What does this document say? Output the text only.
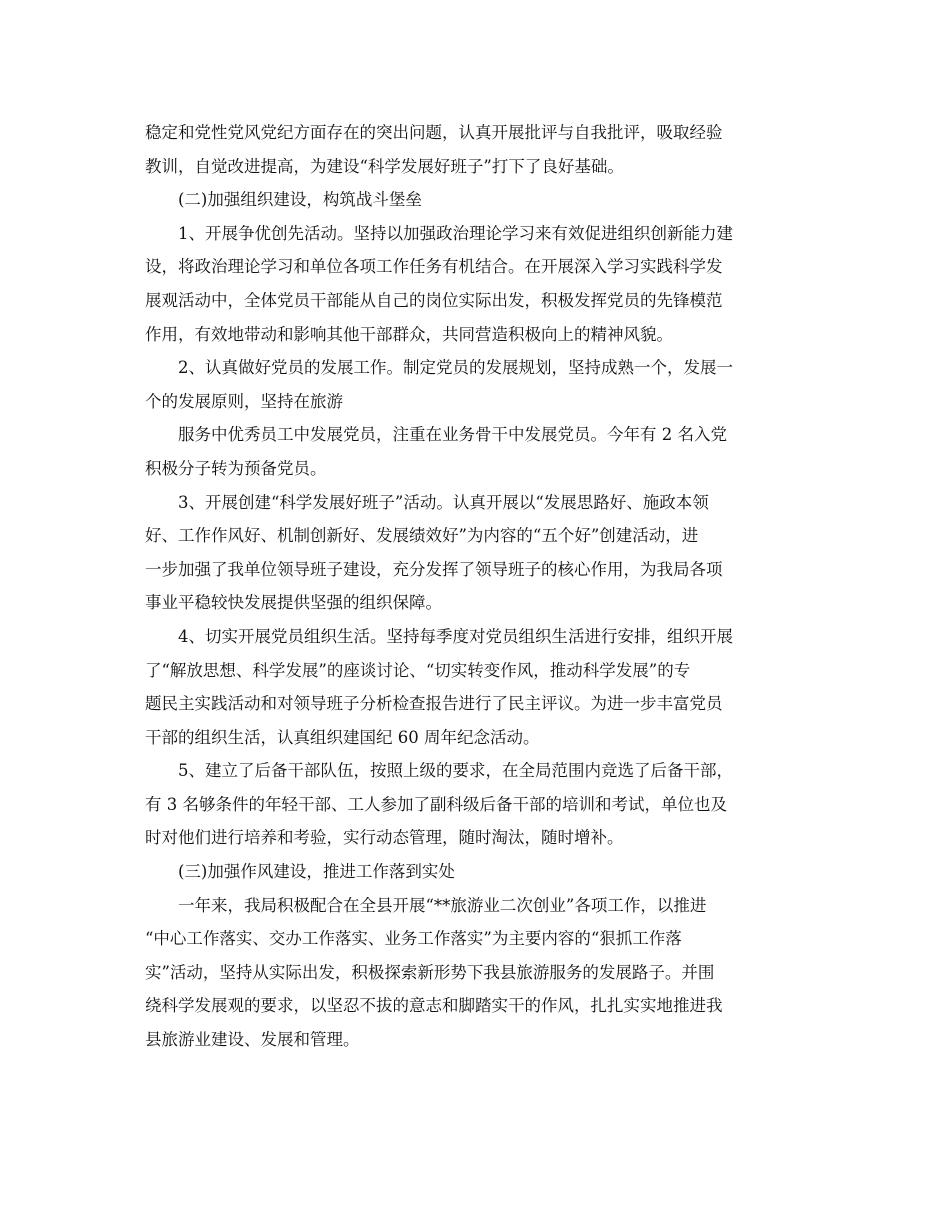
稳定和党性党风党纪方面存在的突出问题，认真开展批评与自我批评，吸取经验
教训，自觉改进提高，为建设“科学发展好班子”打下了良好基础。
(二)加强组织建设，构筑战斗堡垒
1、开展争优创先活动。坚持以加强政治理论学习来有效促进组织创新能力建
设，将政治理论学习和单位各项工作任务有机结合。在开展深入学习实践科学发
展观活动中，全体党员干部能从自己的岗位实际出发，积极发挥党员的先锋模范
作用，有效地带动和影响其他干部群众，共同营造积极向上的精神风貌。
2、认真做好党员的发展工作。制定党员的发展规划，坚持成熟一个，发展一
个的发展原则，坚持在旅游
服务中优秀员工中发展党员，注重在业务骨干中发展党员。今年有 2 名入党
积极分子转为预备党员。
3、开展创建“科学发展好班子”活动。认真开展以“发展思路好、施政本领
好、工作作风好、机制创新好、发展绩效好”为内容的“五个好”创建活动，进
一步加强了我单位领导班子建设，充分发挥了领导班子的核心作用，为我局各项
事业平稳较快发展提供坚强的组织保障。
4、切实开展党员组织生活。坚持每季度对党员组织生活进行安排，组织开展
了“解放思想、科学发展”的座谈讨论、“切实转变作风，推动科学发展”的专
题民主实践活动和对领导班子分析检查报告进行了民主评议。为进一步丰富党员
干部的组织生活，认真组织建国纪 60 周年纪念活动。
5、建立了后备干部队伍，按照上级的要求，在全局范围内竞选了后备干部，
有 3 名够条件的年轻干部、工人参加了副科级后备干部的培训和考试，单位也及
时对他们进行培养和考验，实行动态管理，随时淘汰，随时增补。
(三)加强作风建设，推进工作落到实处
一年来，我局积极配合在全县开展“**旅游业二次创业”各项工作，以推进
“中心工作落实、交办工作落实、业务工作落实”为主要内容的“狠抓工作落
实”活动，坚持从实际出发，积极探索新形势下我县旅游服务的发展路子。并围
绕科学发展观的要求，以坚忍不拔的意志和脚踏实干的作风，扎扎实实地推进我
县旅游业建设、发展和管理。
